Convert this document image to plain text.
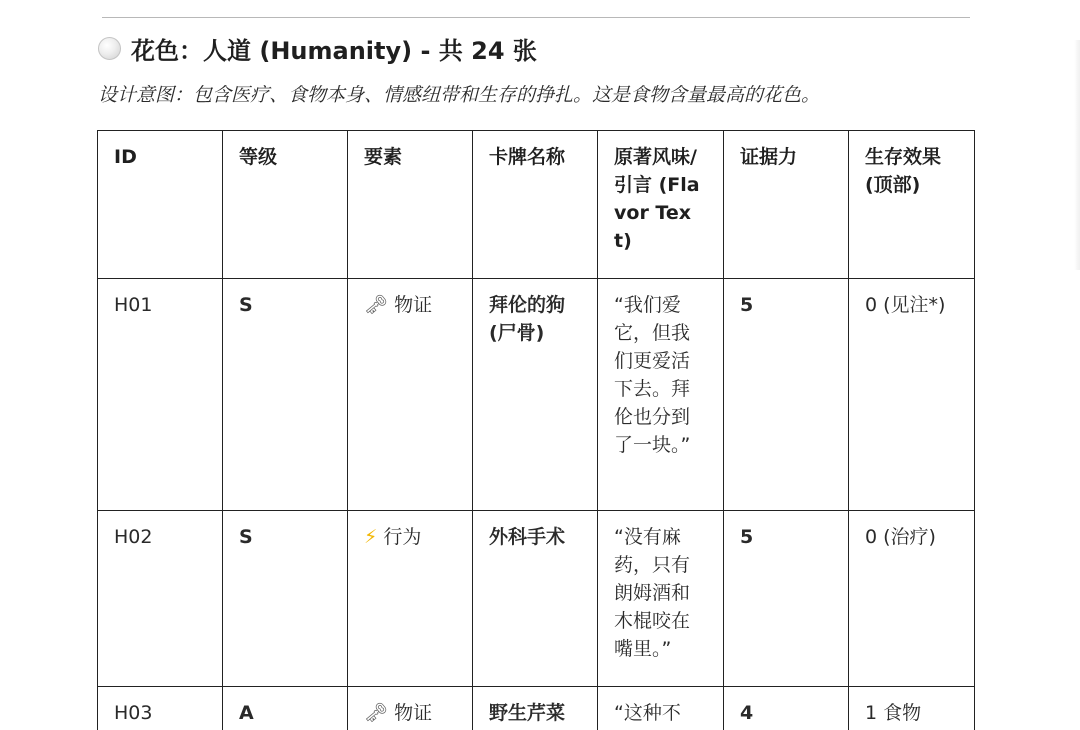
花色：人道 (Humanity) - 共 24 张
设计意图：包含医疗、食物本身、情感纽带和生存的挣扎。这是食物含量最高的花色。
ID	等级	要素	卡牌名称	原著风味/引言 (Flavor Text)	证据力	生存效果 (顶部)
H01	S	🗝 物证	拜伦的狗 (尸骨)	“我们爱它，但我们更爱活下去。拜伦也分到了一块。”	5	0 (见注*)
H02	S	⚡ 行为	外科手术	“没有麻药，只有朗姆酒和木棍咬在嘴里。”	5	0 (治疗)
H03	A	🗝 物证	野生芹菜	“这种不	4	1 食物
